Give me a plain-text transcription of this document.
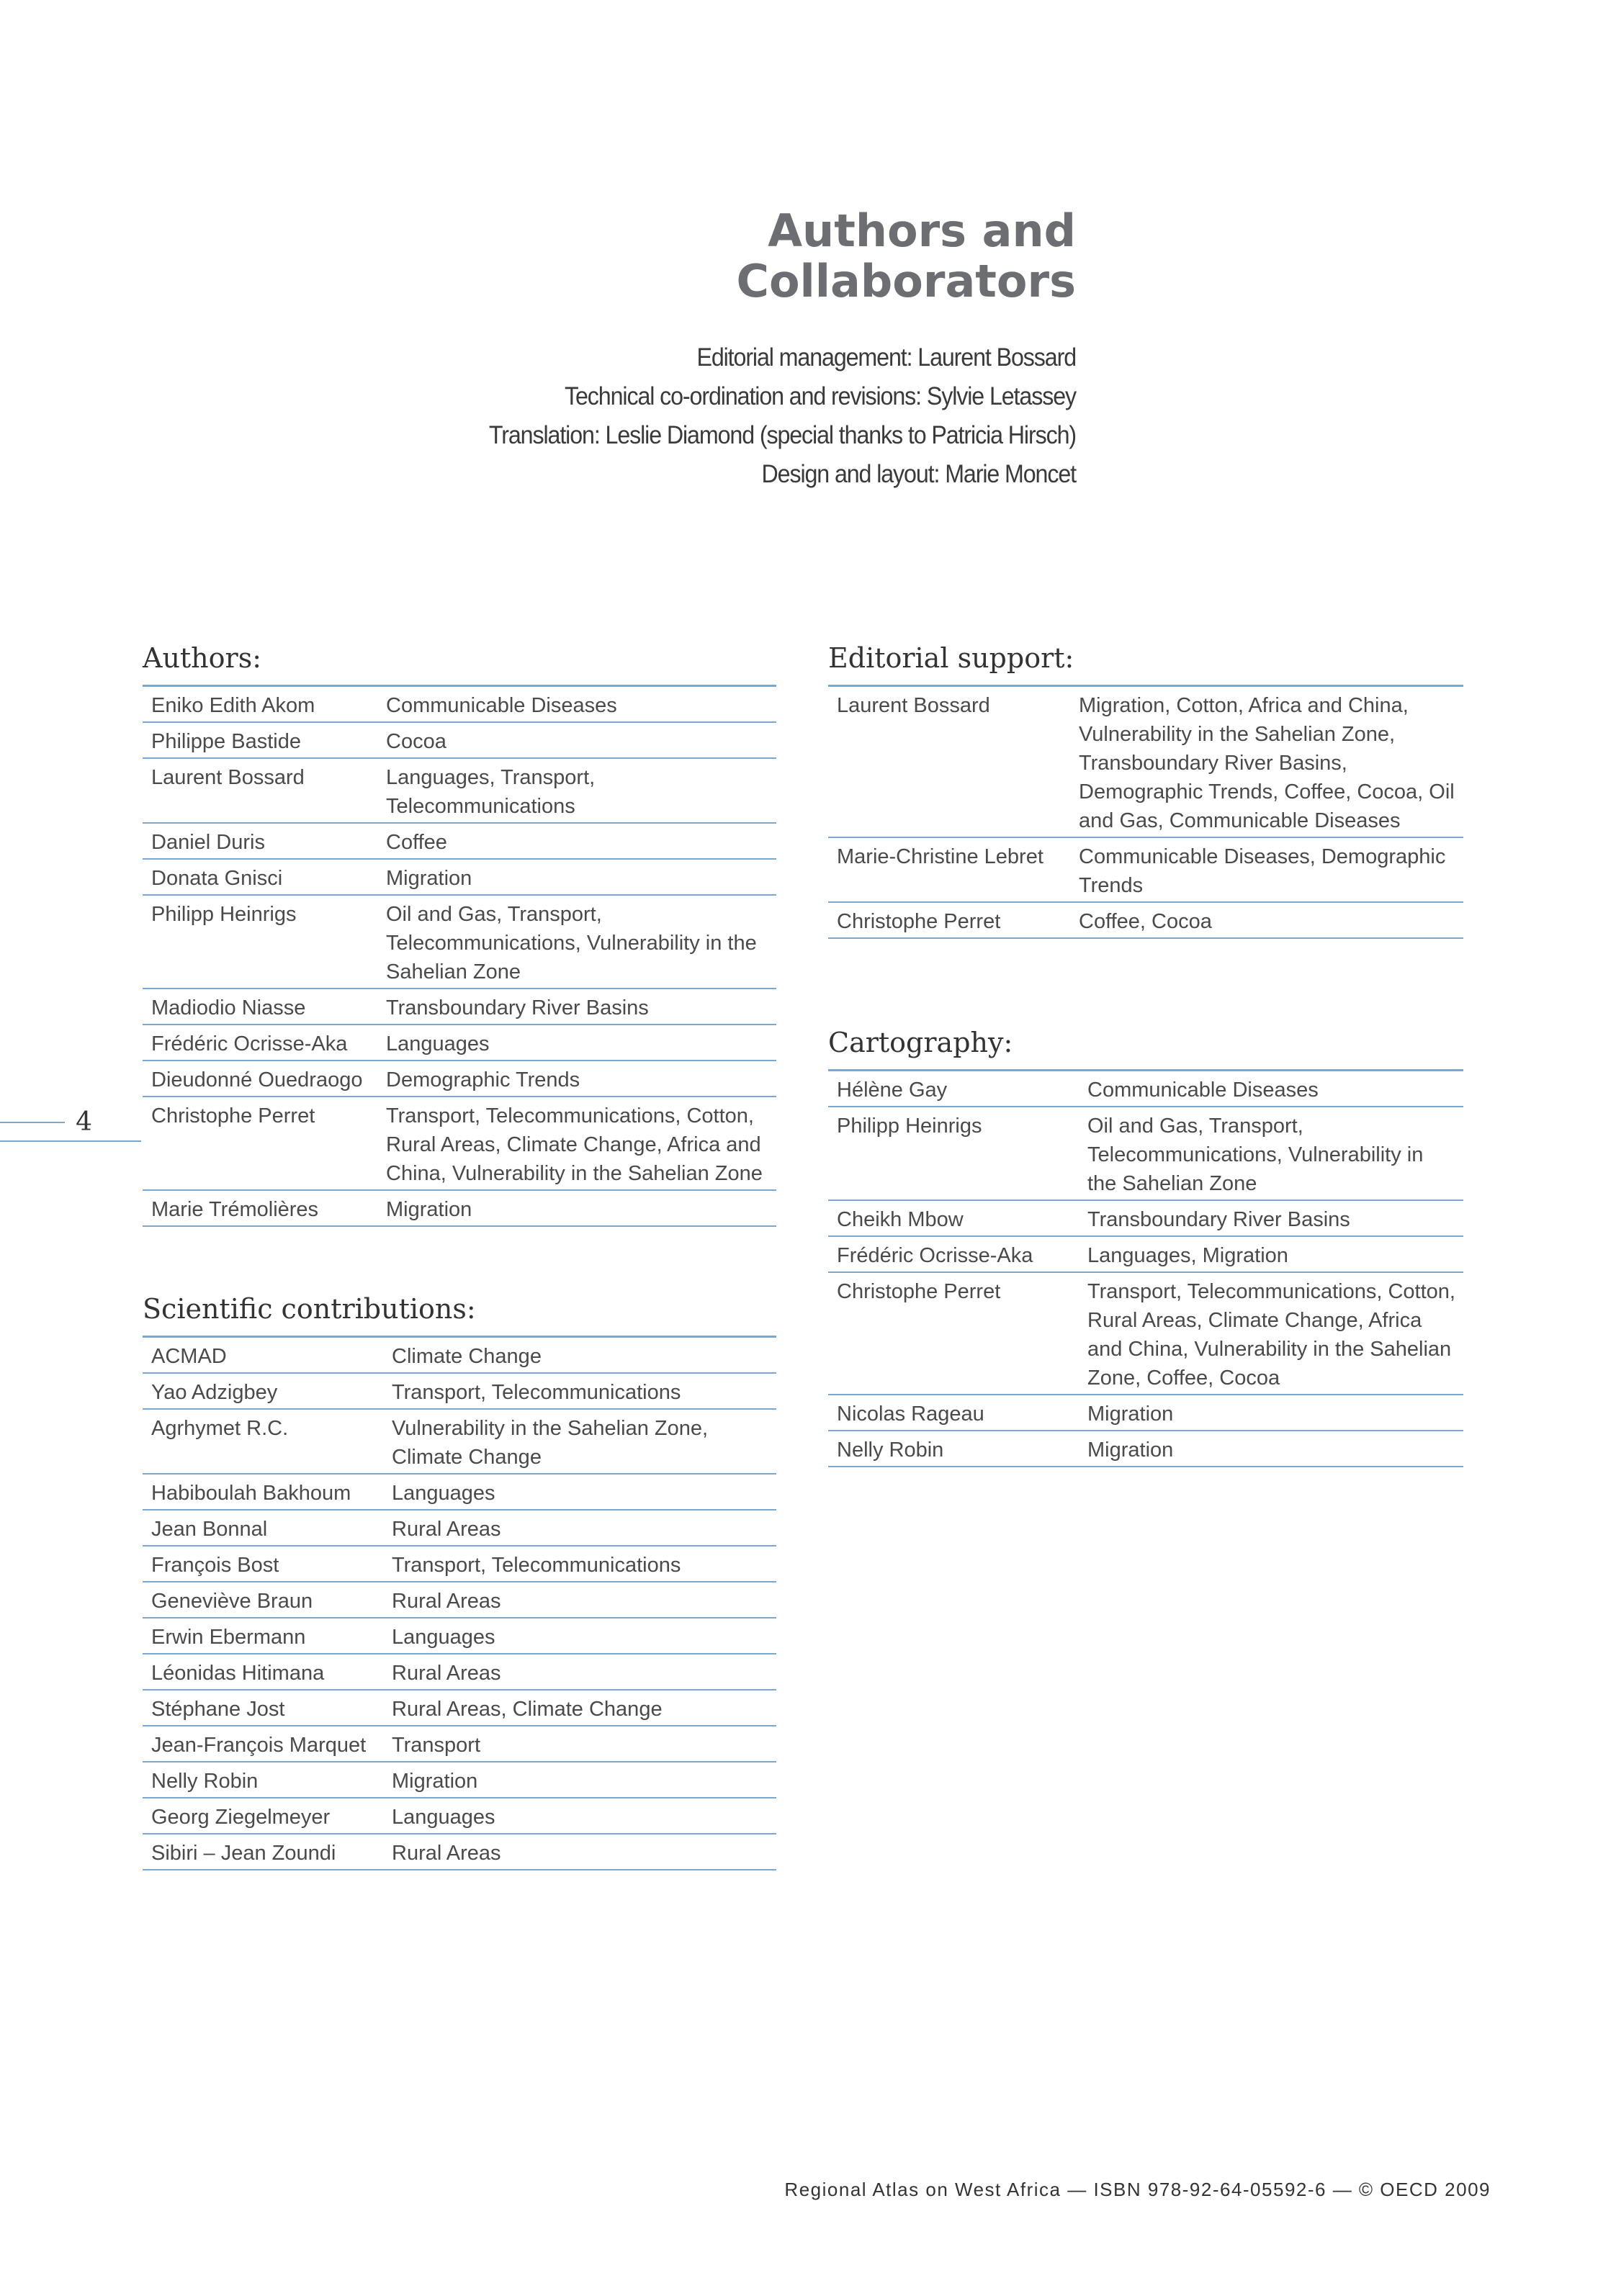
Authors and
Collaborators
Editorial management: Laurent Bossard
Technical co-ordination and revisions: Sylvie Letassey
Translation: Leslie Diamond (special thanks to Patricia Hirsch)
Design and layout: Marie Moncet
Authors:
Eniko Edith Akom	Communicable Diseases
Philippe Bastide	Cocoa
Laurent Bossard	Languages, Transport, Telecommunications
Daniel Duris	Coffee
Donata Gnisci	Migration
Philipp Heinrigs	Oil and Gas, Transport, Telecommunications, Vulnerability in the Sahelian Zone
Madiodio Niasse	Transboundary River Basins
Frédéric Ocrisse-Aka	Languages
Dieudonné Ouedraogo	Demographic Trends
Christophe Perret	Transport, Telecommunications, Cotton, Rural Areas, Climate Change, Africa and China, Vulnerability in the Sahelian Zone
Marie Trémolières	Migration
Scientific contributions:
ACMAD	Climate Change
Yao Adzigbey	Transport, Telecommunications
Agrhymet R.C.	Vulnerability in the Sahelian Zone, Climate Change
Habiboulah Bakhoum	Languages
Jean Bonnal	Rural Areas
François Bost	Transport, Telecommunications
Geneviève Braun	Rural Areas
Erwin Ebermann	Languages
Léonidas Hitimana	Rural Areas
Stéphane Jost	Rural Areas, Climate Change
Jean-François Marquet	Transport
Nelly Robin	Migration
Georg Ziegelmeyer	Languages
Sibiri – Jean Zoundi	Rural Areas
Editorial support:
Laurent Bossard	Migration, Cotton, Africa and China, Vulnerability in the Sahelian Zone, Transboundary River Basins, Demographic Trends, Coffee, Cocoa, Oil and Gas, Communicable Diseases
Marie-Christine Lebret	Communicable Diseases, Demographic Trends
Christophe Perret	Coffee, Cocoa
Cartography:
Hélène Gay	Communicable Diseases
Philipp Heinrigs	Oil and Gas, Transport, Telecommunications, Vulnerability in the Sahelian Zone
Cheikh Mbow	Transboundary River Basins
Frédéric Ocrisse-Aka	Languages, Migration
Christophe Perret	Transport, Telecommunications, Cotton, Rural Areas, Climate Change, Africa and China, Vulnerability in the Sahelian Zone, Coffee, Cocoa
Nicolas Rageau	Migration
Nelly Robin	Migration
4
Regional Atlas on West Africa — ISBN 978-92-64-05592-6 — © OECD 2009
